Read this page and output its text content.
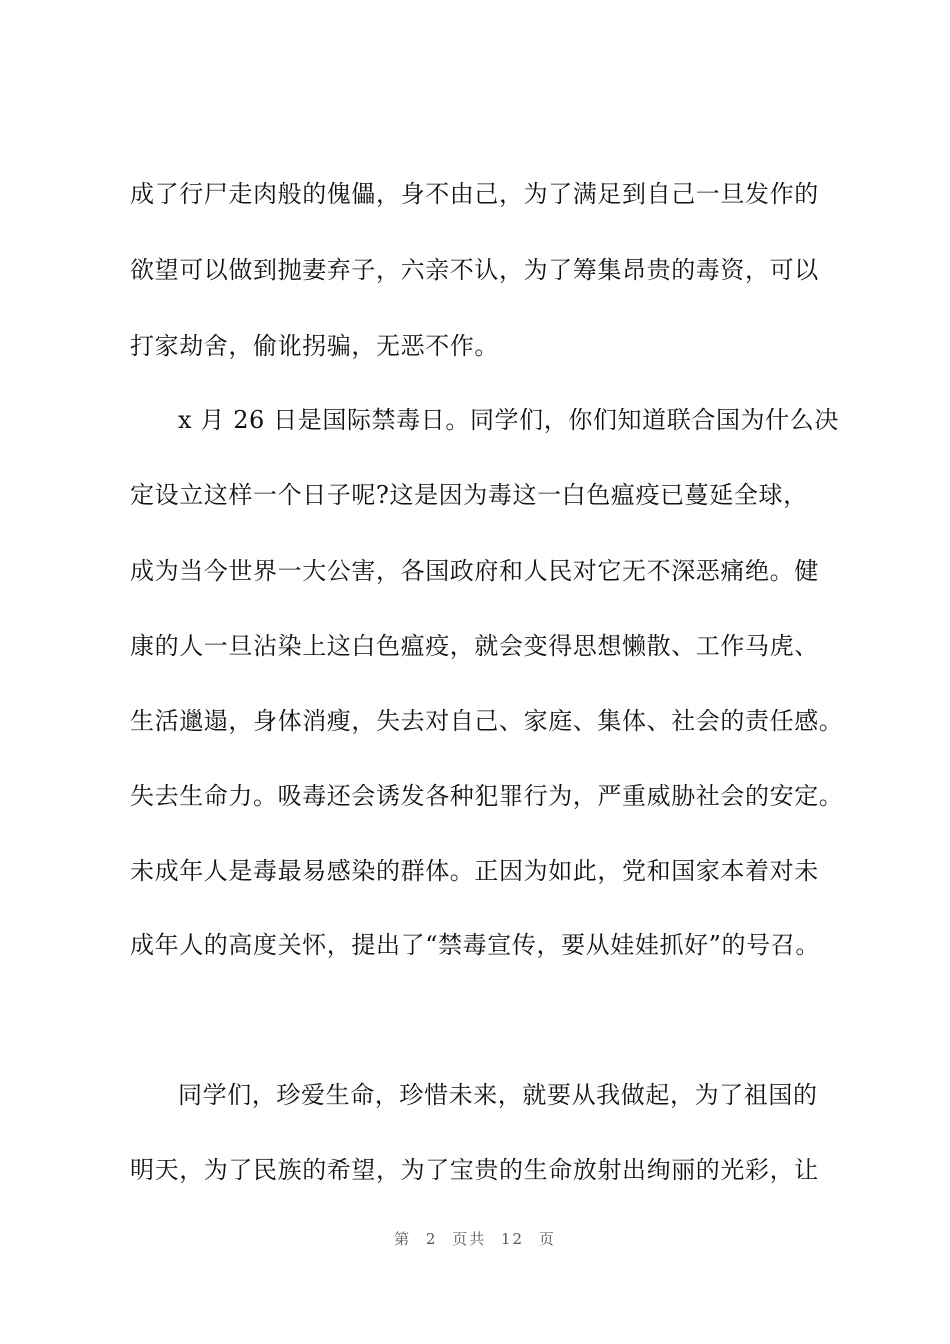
成了行尸走肉般的傀儡，身不由己，为了满足到自己一旦发作的
欲望可以做到抛妻弃子，六亲不认，为了筹集昂贵的毒资，可以
打家劫舍，偷讹拐骗，无恶不作。
x 月 26 日是国际禁毒日。同学们，你们知道联合国为什么决
定设立这样一个日子呢?这是因为毒这一白色瘟疫已蔓延全球，
成为当今世界一大公害，各国政府和人民对它无不深恶痛绝。健
康的人一旦沾染上这白色瘟疫，就会变得思想懒散、工作马虎、
生活邋遢，身体消瘦，失去对自己、家庭、集体、社会的责任感。
失去生命力。吸毒还会诱发各种犯罪行为，严重威胁社会的安定。
未成年人是毒最易感染的群体。正因为如此，党和国家本着对未
成年人的高度关怀，提出了“禁毒宣传，要从娃娃抓好”的号召。
同学们，珍爱生命，珍惜未来，就要从我做起，为了祖国的
明天，为了民族的希望，为了宝贵的生命放射出绚丽的光彩，让
第 2 页共 12 页
